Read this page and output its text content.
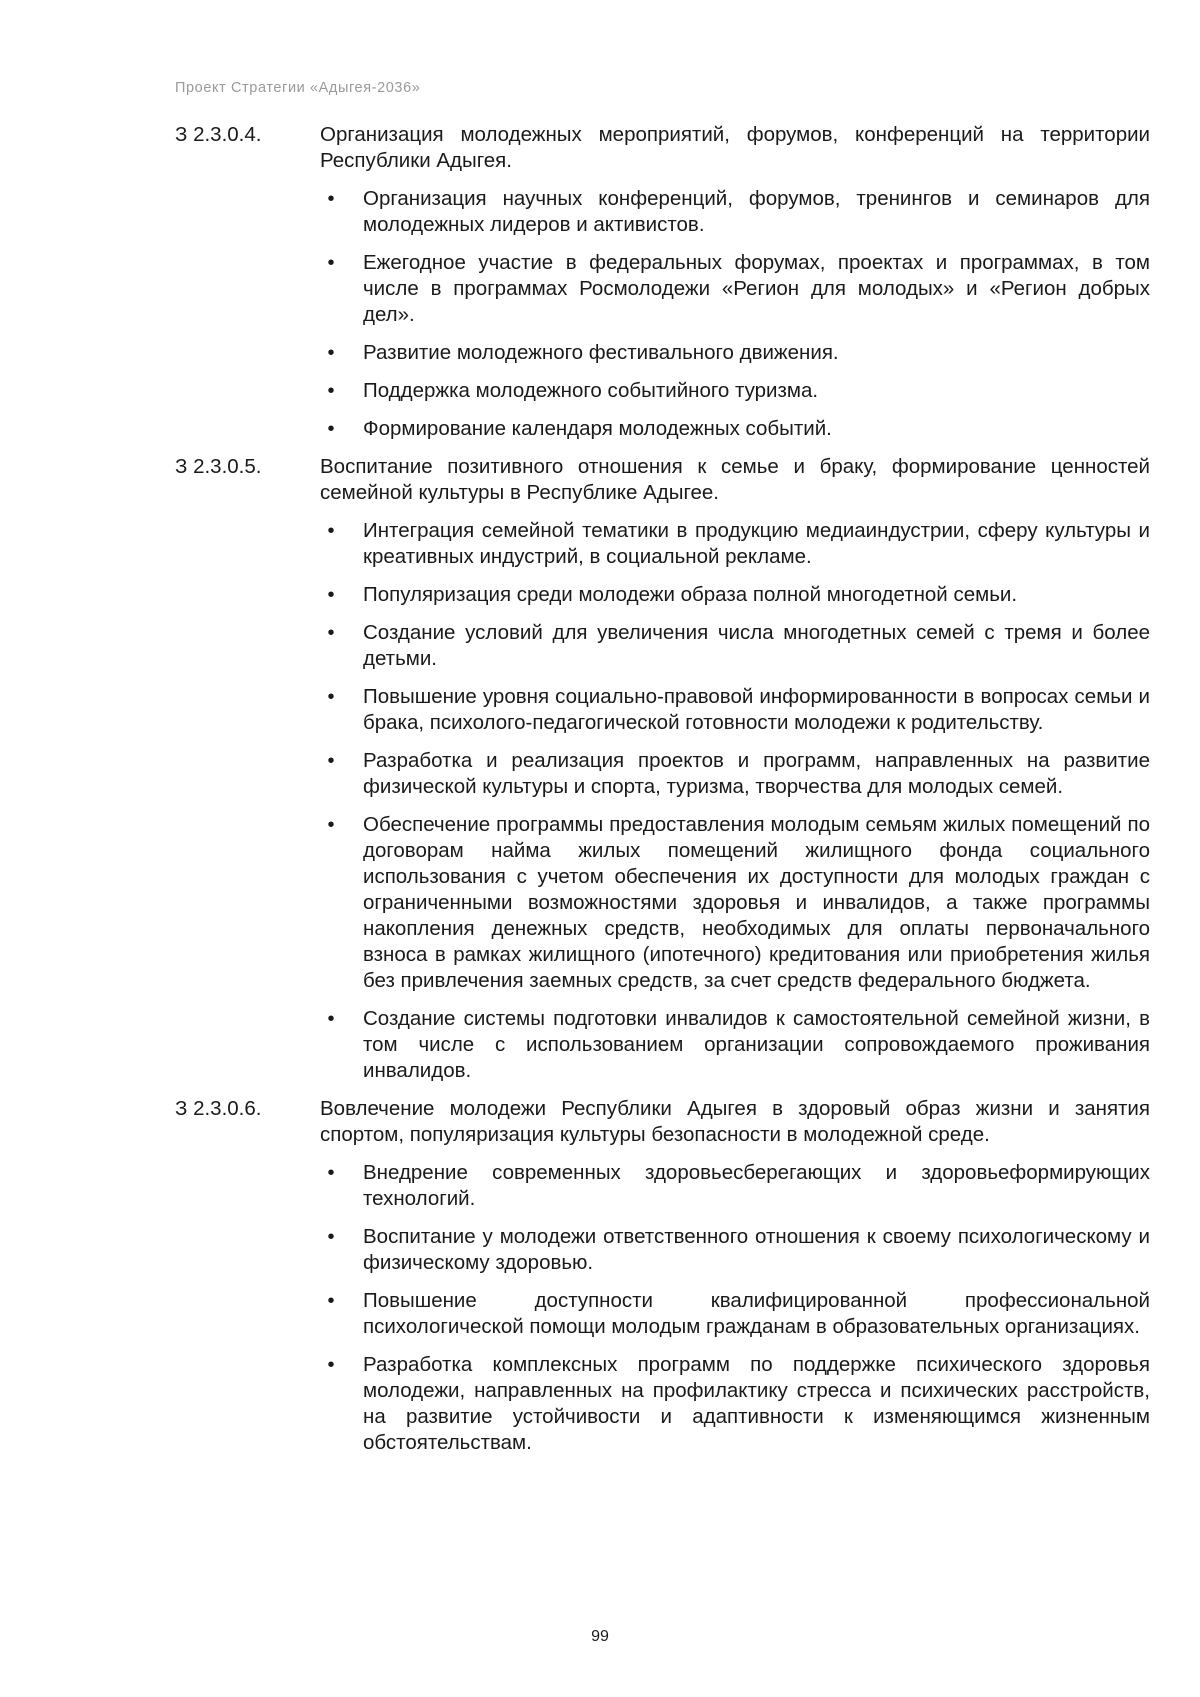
Проект Стратегии «Адыгея-2036»
З 2.3.0.4.	Организация молодежных мероприятий, форумов, конференций на территории Республики Адыгея.
•	Организация научных конференций, форумов, тренингов и семинаров для молодежных лидеров и активистов.
•	Ежегодное участие в федеральных форумах, проектах и программах, в том числе в программах Росмолодежи «Регион для молодых» и «Регион добрых дел».
•	Развитие молодежного фестивального движения.
•	Поддержка молодежного событийного туризма.
•	Формирование календаря молодежных событий.
З 2.3.0.5.	Воспитание позитивного отношения к семье и браку, формирование ценностей семейной культуры в Республике Адыгее.
•	Интеграция семейной тематики в продукцию медиаиндустрии, сферу культуры и креативных индустрий, в социальной рекламе.
•	Популяризация среди молодежи образа полной многодетной семьи.
•	Создание условий для увеличения числа многодетных семей с тремя и более детьми.
•	Повышение уровня социально-правовой информированности в вопросах семьи и брака, психолого-педагогической готовности молодежи к родительству.
•	Разработка и реализация проектов и программ, направленных на развитие физической культуры и спорта, туризма, творчества для молодых семей.
•	Обеспечение программы предоставления молодым семьям жилых помещений по договорам найма жилых помещений жилищного фонда социального использования с учетом обеспечения их доступности для молодых граждан с ограниченными возможностями здоровья и инвалидов, а также программы накопления денежных средств, необходимых для оплаты первоначального взноса в рамках жилищного (ипотечного) кредитования или приобретения жилья без привлечения заемных средств, за счет средств федерального бюджета.
•	Создание системы подготовки инвалидов к самостоятельной семейной жизни, в том числе с использованием организации сопровождаемого проживания инвалидов.
З 2.3.0.6.	Вовлечение молодежи Республики Адыгея в здоровый образ жизни и занятия спортом, популяризация культуры безопасности в молодежной среде.
•	Внедрение современных здоровьесберегающих и здоровьеформирующих технологий.
•	Воспитание у молодежи ответственного отношения к своему психологическому и физическому здоровью.
•	Повышение доступности квалифицированной профессиональной психологической помощи молодым гражданам в образовательных организациях.
•	Разработка комплексных программ по поддержке психического здоровья молодежи, направленных на профилактику стресса и психических расстройств, на развитие устойчивости и адаптивности к изменяющимся жизненным обстоятельствам.
99
